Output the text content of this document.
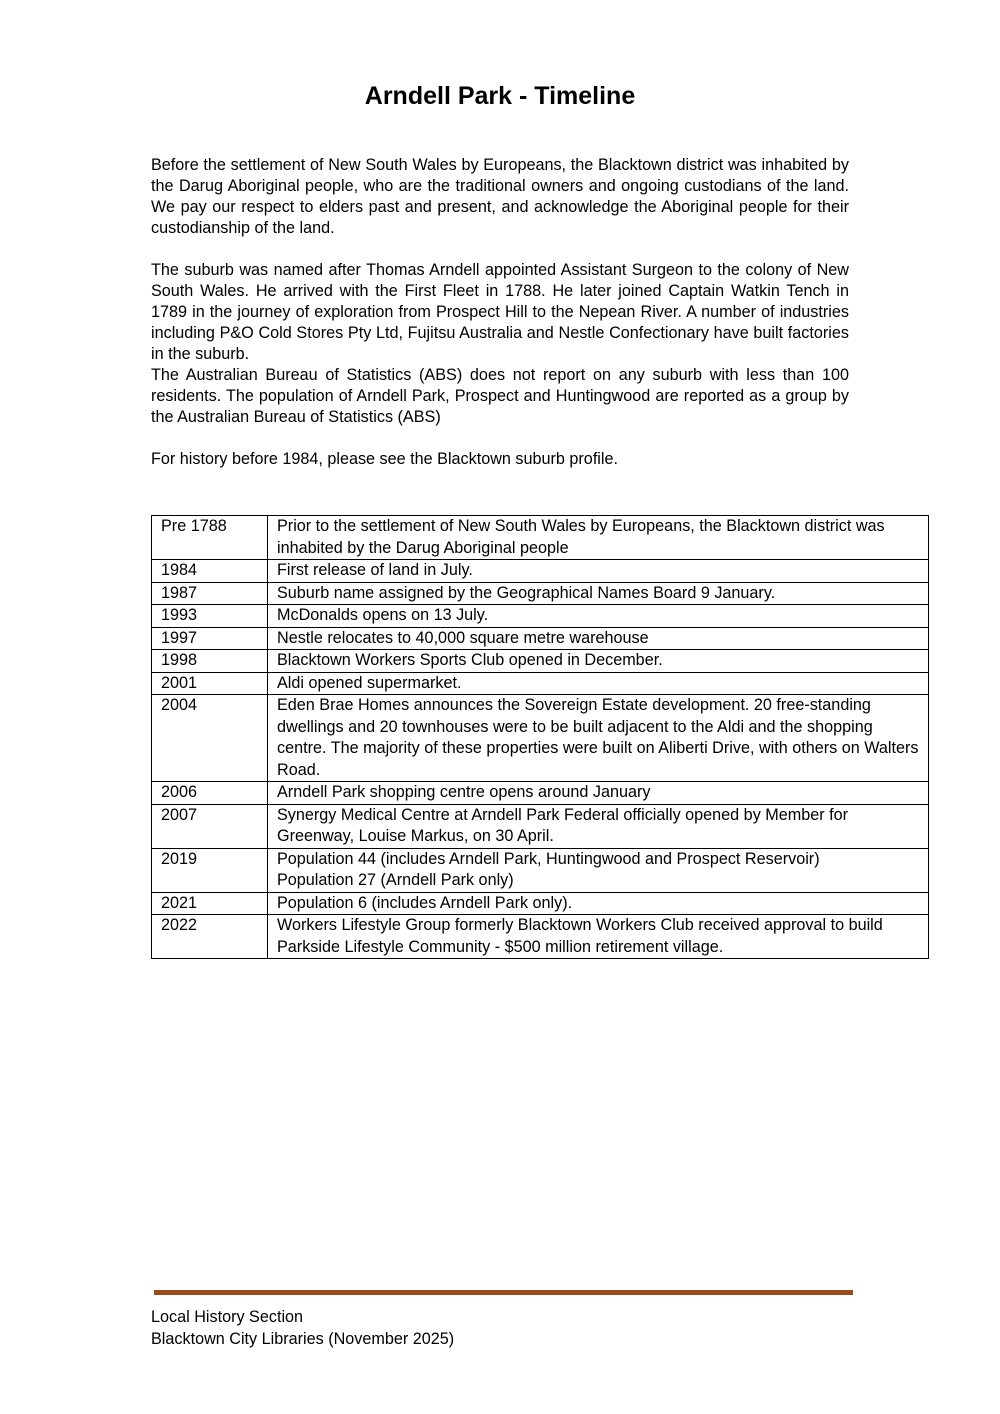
Arndell Park - Timeline

Before the settlement of New South Wales by Europeans, the Blacktown district was inhabited by the Darug Aboriginal people, who are the traditional owners and ongoing custodians of the land. We pay our respect to elders past and present, and acknowledge the Aboriginal people for their custodianship of the land.

The suburb was named after Thomas Arndell appointed Assistant Surgeon to the colony of New South Wales. He arrived with the First Fleet in 1788. He later joined Captain Watkin Tench in 1789 in the journey of exploration from Prospect Hill to the Nepean River. A number of industries including P&O Cold Stores Pty Ltd, Fujitsu Australia and Nestle Confectionary have built factories in the suburb.

The Australian Bureau of Statistics (ABS) does not report on any suburb with less than 100 residents. The population of Arndell Park, Prospect and Huntingwood are reported as a group by the Australian Bureau of Statistics (ABS)

For history before 1984, please see the Blacktown suburb profile.

Pre 1788	Prior to the settlement of New South Wales by Europeans, the Blacktown district was inhabited by the Darug Aboriginal people
1984	First release of land in July.
1987	Suburb name assigned by the Geographical Names Board 9 January.
1993	McDonalds opens on 13 July.
1997	Nestle relocates to 40,000 square metre warehouse
1998	Blacktown Workers Sports Club opened in December.
2001	Aldi opened supermarket.
2004	Eden Brae Homes announces the Sovereign Estate development. 20 free-standing dwellings and 20 townhouses were to be built adjacent to the Aldi and the shopping centre. The majority of these properties were built on Aliberti Drive, with others on Walters Road.
2006	Arndell Park shopping centre opens around January
2007	Synergy Medical Centre at Arndell Park Federal officially opened by Member for Greenway, Louise Markus, on 30 April.
2019	Population 44 (includes Arndell Park, Huntingwood and Prospect Reservoir)
Population 27 (Arndell Park only)

2021	Population 6 (includes Arndell Park only).
2022	Workers Lifestyle Group formerly Blacktown Workers Club received approval to build Parkside Lifestyle Community - $500 million retirement village.
Local History Section
Blacktown City Libraries (November 2025)
